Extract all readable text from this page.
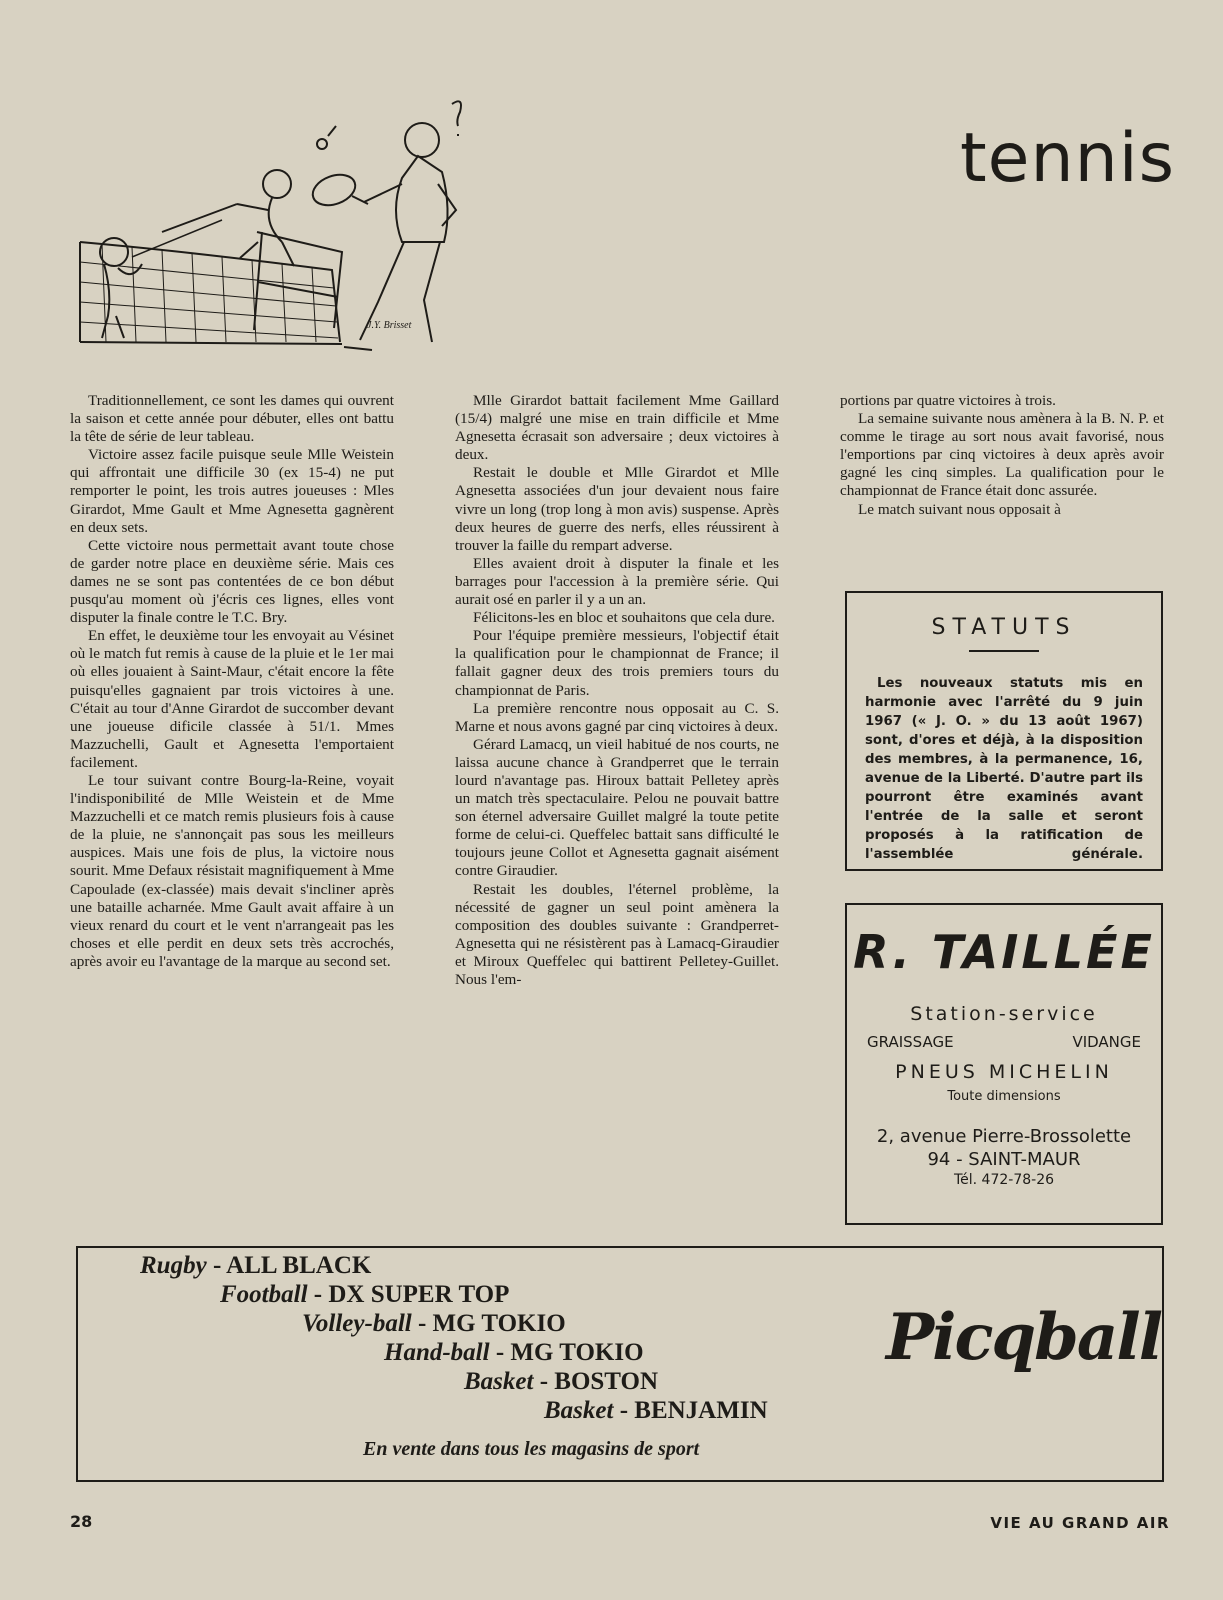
tennis
J.Y. Brisset

Traditionnellement, ce sont les dames qui ouvrent la saison et cette année pour débuter, elles ont battu la tête de série de leur tableau.

Victoire assez facile puisque seule Mlle Weistein qui affrontait une difficile 30 (ex 15-4) ne put remporter le point, les trois autres joueuses : Mles Girardot, Mme Gault et Mme Agnesetta gagnèrent en deux sets.

Cette victoire nous permettait avant toute chose de garder notre place en deuxième série. Mais ces dames ne se sont pas contentées de ce bon début pusqu'au moment où j'écris ces lignes, elles vont disputer la finale contre le T.C. Bry.

En effet, le deuxième tour les envoyait au Vésinet où le match fut remis à cause de la pluie et le 1er mai où elles jouaient à Saint-Maur, c'était encore la fête puisqu'elles gagnaient par trois victoires à une. C'était au tour d'Anne Girardot de succomber devant une joueuse dificile classée à 51/1. Mmes Mazzuchelli, Gault et Agnesetta l'emportaient facilement.

Le tour suivant contre Bourg-la-Reine, voyait l'indisponibilité de Mlle Weistein et de Mme Mazzuchelli et ce match remis plusieurs fois à cause de la pluie, ne s'annonçait pas sous les meilleurs auspices. Mais une fois de plus, la victoire nous sourit. Mme Defaux résistait magnifiquement à Mme Capoulade (ex-classée) mais devait s'incliner après une bataille acharnée. Mme Gault avait affaire à un vieux renard du court et le vent n'arrangeait pas les choses et elle perdit en deux sets très accrochés, après avoir eu l'avantage de la marque au second set.

Mlle Girardot battait facilement Mme Gaillard (15/4) malgré une mise en train difficile et Mme Agnesetta écrasait son adversaire ; deux victoires à deux.

Restait le double et Mlle Girardot et Mlle Agnesetta associées d'un jour devaient nous faire vivre un long (trop long à mon avis) suspense. Après deux heures de guerre des nerfs, elles réussirent à trouver la faille du rempart adverse.

Elles avaient droit à disputer la finale et les barrages pour l'accession à la première série. Qui aurait osé en parler il y a un an.

Félicitons-les en bloc et souhaitons que cela dure.

Pour l'équipe première messieurs, l'objectif était la qualification pour le championnat de France; il fallait gagner deux des trois premiers tours du championnat de Paris.

La première rencontre nous opposait au C. S. Marne et nous avons gagné par cinq victoires à deux.

Gérard Lamacq, un vieil habitué de nos courts, ne laissa aucune chance à Grandperret que le terrain lourd n'avantage pas. Hiroux battait Pelletey après un match très spectaculaire. Pelou ne pouvait battre son éternel adversaire Guillet malgré la toute petite forme de celui-ci. Queffelec battait sans difficulté le toujours jeune Collot et Agnesetta gagnait aisément contre Giraudier.

Restait les doubles, l'éternel problème, la nécessité de gagner un seul point amènera la composition des doubles suivante : Grandperret-Agnesetta qui ne résistèrent pas à Lamacq-Giraudier et Miroux Queffelec qui battirent Pelletey-Guillet. Nous l'em-

portions par quatre victoires à trois.

La semaine suivante nous amènera à la B. N. P. et comme le tirage au sort nous avait favorisé, nous l'emportions par cinq victoires à deux après avoir gagné les cinq simples. La qualification pour le championnat de France était donc assurée.

Le match suivant nous opposait à

STATUTS

Les nouveaux statuts mis en harmonie avec l'arrêté du 9 juin 1967 (« J. O. » du 13 août 1967) sont, d'ores et déjà, à la disposition des membres, à la permanence, 16, avenue de la Liberté. D'autre part ils pourront être examinés avant l'entrée de la salle et seront proposés à la ratification de l'assemblée générale.

R. TAILLÉE
Station-service
GRAISSAGE	VIDANGE
PNEUS MICHELIN
Toute dimensions
2, avenue Pierre-Brossolette
94 - SAINT-MAUR
Tél. 472-78-26
Rugby - ALL BLACK
Football - DX SUPER TOP
Volley-ball - MG TOKIO
Hand-ball - MG TOKIO
Basket - BOSTON
Basket - BENJAMIN
En vente dans tous les magasins de sport
Picqball
28	VIE AU GRAND AIR
